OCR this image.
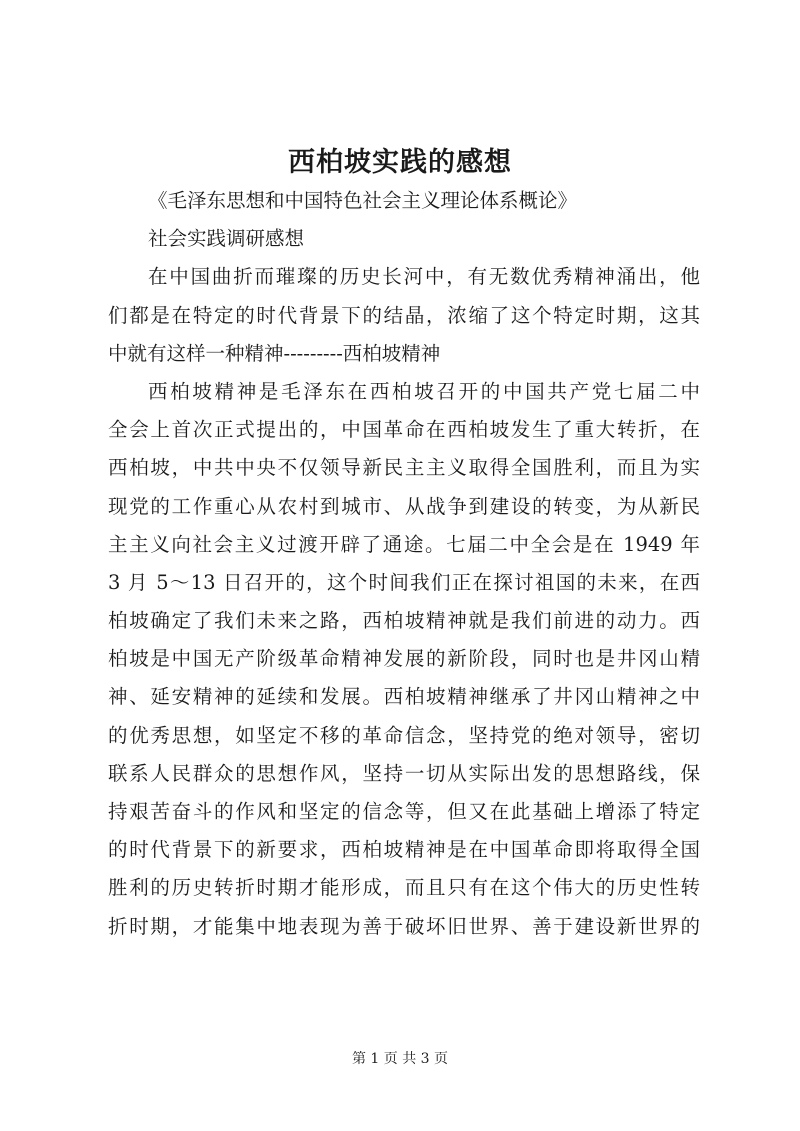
西柏坡实践的感想
《毛泽东思想和中国特色社会主义理论体系概论》
社会实践调研感想
在中国曲折而璀璨的历史长河中，有无数优秀精神涌出，他
们都是在特定的时代背景下的结晶，浓缩了这个特定时期，这其
中就有这样一种精神---------西柏坡精神
西柏坡精神是毛泽东在西柏坡召开的中国共产党七届二中
全会上首次正式提出的，中国革命在西柏坡发生了重大转折，在
西柏坡，中共中央不仅领导新民主主义取得全国胜利，而且为实
现党的工作重心从农村到城市、从战争到建设的转变，为从新民
主主义向社会主义过渡开辟了通途。七届二中全会是在 1949 年
3 月 5～13 日召开的，这个时间我们正在探讨祖国的未来，在西
柏坡确定了我们未来之路，西柏坡精神就是我们前进的动力。西
柏坡是中国无产阶级革命精神发展的新阶段，同时也是井冈山精
神、延安精神的延续和发展。西柏坡精神继承了井冈山精神之中
的优秀思想，如坚定不移的革命信念，坚持党的绝对领导，密切
联系人民群众的思想作风，坚持一切从实际出发的思想路线，保
持艰苦奋斗的作风和坚定的信念等，但又在此基础上增添了特定
的时代背景下的新要求，西柏坡精神是在中国革命即将取得全国
胜利的历史转折时期才能形成，而且只有在这个伟大的历史性转
折时期，才能集中地表现为善于破坏旧世界、善于建设新世界的
第 1 页 共 3 页
